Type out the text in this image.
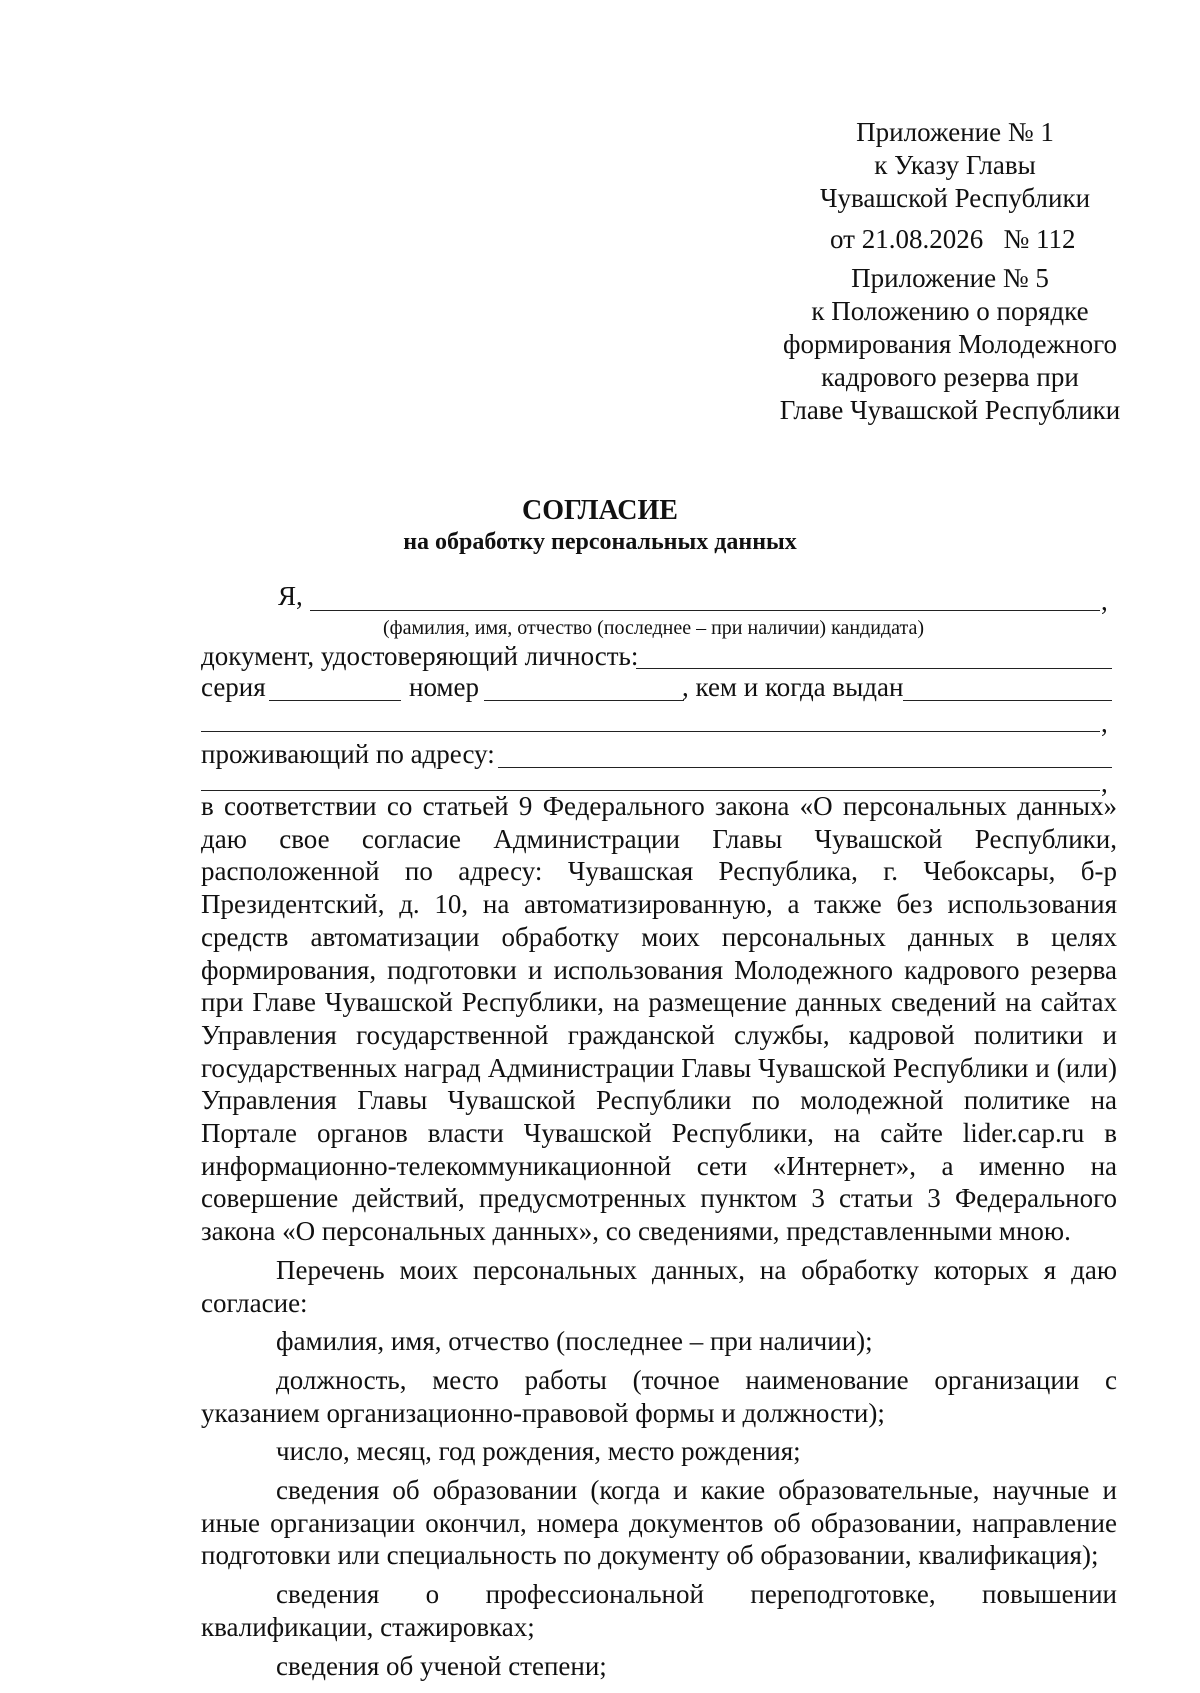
Приложение № 1
к Указу Главы
Чувашской Республики
от 21.08.2026   № 112
Приложение № 5
к Положению о порядке
формирования Молодежного
кадрового резерва при
Главе Чувашской Республики
СОГЛАСИЕ
на обработку персональных данных
Я,	,
(фамилия, имя, отчество (последнее – при наличии) кандидата)
документ, удостоверяющий личность:
серия	номер	, кем и когда выдан
,
проживающий по адресу:
,

в соответствии со статьей 9 Федерального закона «О персональных данных» даю свое согласие Администрации Главы Чувашской Республики, расположенной по адресу: Чувашская Республика, г. Чебоксары, б-р Президентский, д. 10, на автоматизированную, а также без использования средств автоматизации обработку моих персональных данных в целях формирования, подготовки и использования Молодежного кадрового резерва при Главе Чувашской Республики, на размещение данных сведений на сайтах Управления государственной гражданской службы, кадровой политики и государственных наград Администрации Главы Чувашской Республики и (или) Управления Главы Чувашской Республики по молодежной политике на Портале органов власти Чувашской Республики, на сайте lider.cap.ru в информационно-телекоммуникационной сети «Интернет», а именно на совершение действий, предусмотренных пунктом 3 статьи 3 Федерального закона «О персональных данных», со сведениями, представленными мною.

Перечень моих персональных данных, на обработку которых я даю согласие:

фамилия, имя, отчество (последнее – при наличии);

должность, место работы (точное наименование организации с указанием организационно-правовой формы и должности);

число, месяц, год рождения, место рождения;

сведения об образовании (когда и какие образовательные, научные и иные организации окончил, номера документов об образовании, направление подготовки или специальность по документу об образовании, квалификация);

сведения о профессиональной переподготовке, повышении квалификации, стажировках;

сведения об ученой степени;
